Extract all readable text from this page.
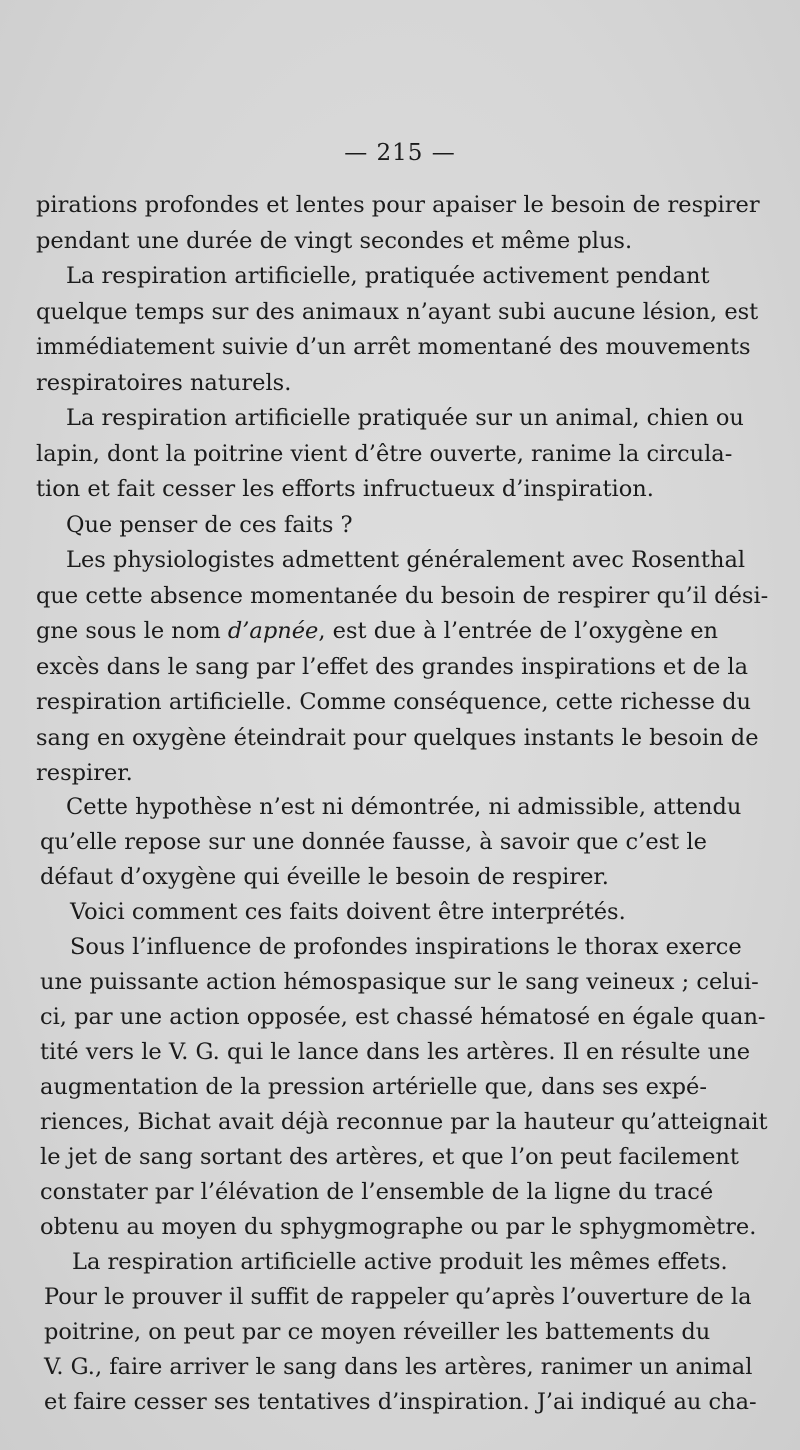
— 215 —
pirations profondes et lentes pour apaiser le besoin de respirer
pendant une durée de vingt secondes et même plus.
La respiration artificielle, pratiquée activement pendant
quelque temps sur des animaux n’ayant subi aucune lésion, est
immédiatement suivie d’un arrêt momentané des mouvements
respiratoires naturels.
La respiration artificielle pratiquée sur un animal, chien ou
lapin, dont la poitrine vient d’être ouverte, ranime la circula-
tion et fait cesser les efforts infructueux d’inspiration.
Que penser de ces faits ?
Les physiologistes admettent généralement avec Rosenthal
que cette absence momentanée du besoin de respirer qu’il dési-
gne sous le nom d’apnée, est due à l’entrée de l’oxygène en
excès dans le sang par l’effet des grandes inspirations et de la
respiration artificielle. Comme conséquence, cette richesse du
sang en oxygène éteindrait pour quelques instants le besoin de
respirer.
Cette hypothèse n’est ni démontrée, ni admissible, attendu
qu’elle repose sur une donnée fausse, à savoir que c’est le
défaut d’oxygène qui éveille le besoin de respirer.
Voici comment ces faits doivent être interprétés.
Sous l’influence de profondes inspirations le thorax exerce
une puissante action hémospasique sur le sang veineux ; celui-
ci, par une action opposée, est chassé hématosé en égale quan-
tité vers le V. G. qui le lance dans les artères. Il en résulte une
augmentation de la pression artérielle que, dans ses expé-
riences, Bichat avait déjà reconnue par la hauteur qu’atteignait
le jet de sang sortant des artères, et que l’on peut facilement
constater par l’élévation de l’ensemble de la ligne du tracé
obtenu au moyen du sphygmographe ou par le sphygmomètre.
La respiration artificielle active produit les mêmes effets.
Pour le prouver il suffit de rappeler qu’après l’ouverture de la
poitrine, on peut par ce moyen réveiller les battements du
V. G., faire arriver le sang dans les artères, ranimer un animal
et faire cesser ses tentatives d’inspiration. J’ai indiqué au cha-
